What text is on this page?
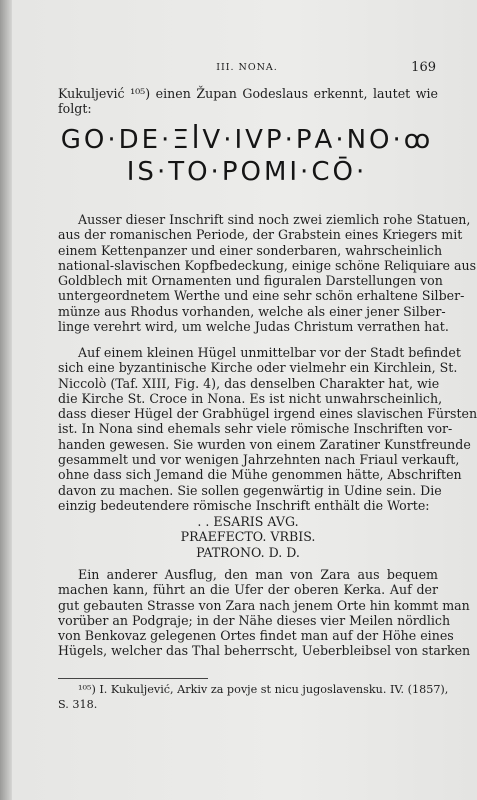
III. NONA.	169
Kukuljević ¹⁰⁵) einen Župan Godeslaus erkennt, lautet wie
folgt:
GO·DE·ΞꟾV·ΙVΡ·ΡΑ·ΝΟ·ꝏ
ΙS·ΤΟ·ΡΟΜΙ·CŌ·
Ausser dieser Inschrift sind noch zwei ziemlich rohe Statuen,
aus der romanischen Periode, der Grabstein eines Kriegers mit
einem Kettenpanzer und einer sonderbaren, wahrscheinlich
national-slavischen Kopfbedeckung, einige schöne Reliquiare aus
Goldblech mit Ornamenten und figuralen Darstellungen von
untergeordnetem Werthe und eine sehr schön erhaltene Silber-
münze aus Rhodus vorhanden, welche als einer jener Silber-
linge verehrt wird, um welche Judas Christum verrathen hat.
Auf einem kleinen Hügel unmittelbar vor der Stadt befindet
sich eine byzantinische Kirche oder vielmehr ein Kirchlein, St.
Niccolò (Taf. XIII, Fig. 4), das denselben Charakter hat, wie
die Kirche St. Croce in Nona. Es ist nicht unwahrscheinlich,
dass dieser Hügel der Grabhügel irgend eines slavischen Fürsten
ist. In Nona sind ehemals sehr viele römische Inschriften vor-
handen gewesen. Sie wurden von einem Zaratiner Kunstfreunde
gesammelt und vor wenigen Jahrzehnten nach Friaul verkauft,
ohne dass sich Jemand die Mühe genommen hätte, Abschriften
davon zu machen. Sie sollen gegenwärtig in Udine sein. Die
einzig bedeutendere römische Inschrift enthält die Worte:
. . ESARIS AVG.
PRAEFECTO. VRBIS.
PATRONO. D. D.
Ein anderer Ausflug, den man von Zara aus bequem
machen kann, führt an die Ufer der oberen Kerka. Auf der
gut gebauten Strasse von Zara nach jenem Orte hin kommt man
vorüber an Podgraje; in der Nähe dieses vier Meilen nördlich
von Benkovaz gelegenen Ortes findet man auf der Höhe eines
Hügels, welcher das Thal beherrscht, Ueberbleibsel von starken
¹⁰⁵) I. Kukuljević, Arkiv za povje st nicu jugoslavensku. IV. (1857),
S. 318.
